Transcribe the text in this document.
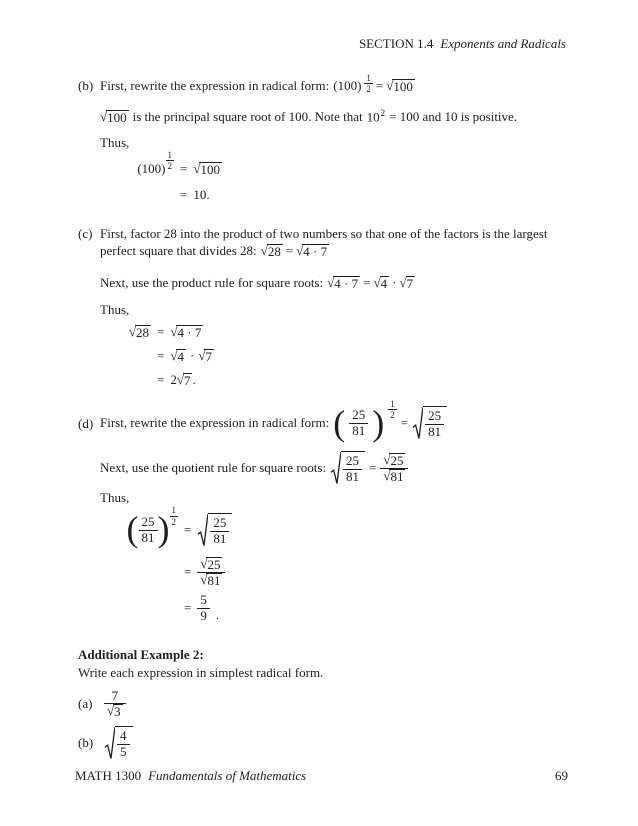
SECTION 1.4 Exponents and Radicals
(b) First, rewrite the expression in radical form: $(100) \frac{1}{2}$ = √ 100
√ 100 is the principal square root of 100. Note that $10^2 = 100$ and 10 is positive.
Thus,
$(100) \frac{1}{2}$ = √ 100
= 10.
(c) First, factor 28 into the product of two numbers so that one of the factors is the largest
perfect square that divides 28: √ 28 = √ 4 · 7
Next, use the product rule for square roots: √ 4 · 7 = √ 4 · √ 7
Thus,
√ 28 = √ 4 · 7
= √ 4 · √ 7
= 2 √ 7 .
(d) First, rewrite the expression in radical form: ( $\frac{25}{81}$ ) $\frac{1}{2}$
= $\frac{25}{81}$
Next, use the quotient rule for square roots: $\frac{25}{81} = \frac{√ 25}{√ 81}$
Thus,
( $\frac{25}{81}$ ) $\frac{1}{2}$
= $\frac{25}{81}$
= $\frac{√ 25}{√ 81}$
= $\frac{5}{9}$ .
Additional Example 2:
Write each expression in simplest radical form.
$(a) \frac{7}{√ 3}$
(b)	$\frac{4}{5}$
MATH 1300 Fundamentals of Mathematics	69
